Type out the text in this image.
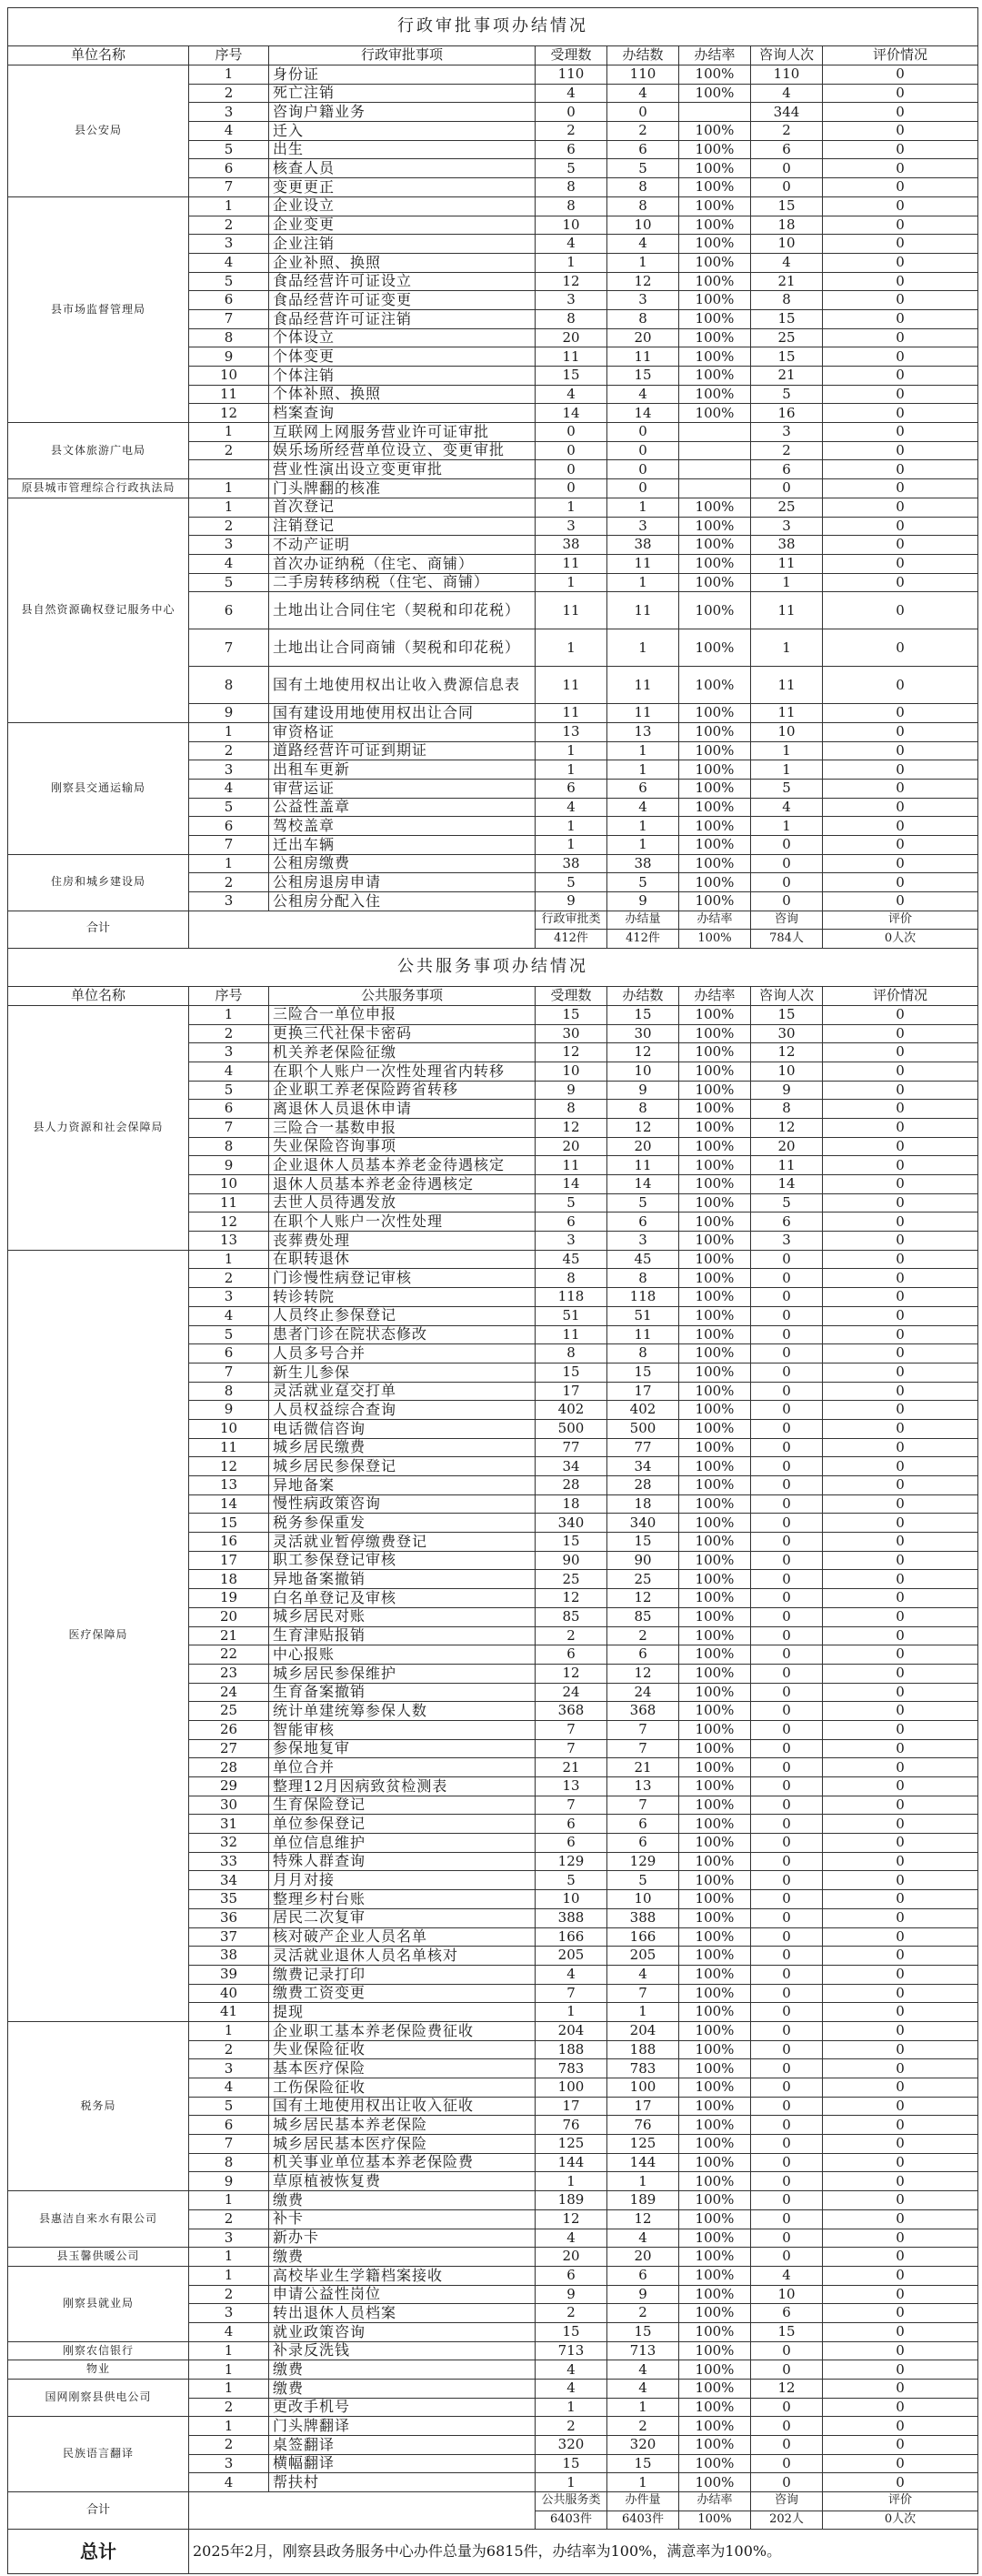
行政审批事项办结情况							
单位名称	序号	行政审批事项	受理数	办结数	办结率	咨询人次	评价情况
县公安局	1	身份证	110	110	100%	110	0
	2	死亡注销	4	4	100%	4	0
	3	咨询户籍业务	0	0		344	0
	4	迁入	2	2	100%	2	0
	5	出生	6	6	100%	6	0
	6	核查人员	5	5	100%	0	0
	7	变更更正	8	8	100%	0	0
县市场监督管理局	1	企业设立	8	8	100%	15	0
	2	企业变更	10	10	100%	18	0
	3	企业注销	4	4	100%	10	0
	4	企业补照、换照	1	1	100%	4	0
	5	食品经营许可证设立	12	12	100%	21	0
	6	食品经营许可证变更	3	3	100%	8	0
	7	食品经营许可证注销	8	8	100%	15	0
	8	个体设立	20	20	100%	25	0
	9	个体变更	11	11	100%	15	0
	10	个体注销	15	15	100%	21	0
	11	个体补照、换照	4	4	100%	5	0
	12	档案查询	14	14	100%	16	0
县文体旅游广电局	1	互联网上网服务营业许可证审批	0	0		3	0
	2	娱乐场所经营单位设立、变更审批	0	0		2	0
		营业性演出设立变更审批	0	0		6	0
原县城市管理综合行政执法局	1	门头牌翻的核准	0	0		0	0
县自然资源确权登记服务中心	1	首次登记	1	1	100%	25	0
	2	注销登记	3	3	100%	3	0
	3	不动产证明	38	38	100%	38	0
	4	首次办证纳税（住宅、商铺）	11	11	100%	11	0
	5	二手房转移纳税（住宅、商铺）	1	1	100%	1	0
	6	土地出让合同住宅（契税和印花税）	11	11	100%	11	0
	7	土地出让合同商铺（契税和印花税）	1	1	100%	1	0
	8	国有土地使用权出让收入费源信息表	11	11	100%	11	0
	9	国有建设用地使用权出让合同	11	11	100%	11	0
刚察县交通运输局	1	审资格证	13	13	100%	10	0
	2	道路经营许可证到期证	1	1	100%	1	0
	3	出租车更新	1	1	100%	1	0
	4	审营运证	6	6	100%	5	0
	5	公益性盖章	4	4	100%	4	0
	6	驾校盖章	1	1	100%	1	0
	7	迁出车辆	1	1	100%	0	0
住房和城乡建设局	1	公租房缴费	38	38	100%	0	0
	2	公租房退房申请	5	5	100%	0	0
	3	公租房分配入住	9	9	100%	0	0
合计			行政审批类	办结量	办结率	咨询	评价
			412件	412件	100%	784人	0人次
公共服务事项办结情况							
单位名称	序号	公共服务事项	受理数	办结数	办结率	咨询人次	评价情况
县人力资源和社会保障局	1	三险合一单位申报	15	15	100%	15	0
	2	更换三代社保卡密码	30	30	100%	30	0
	3	机关养老保险征缴	12	12	100%	12	0
	4	在职个人账户一次性处理省内转移	10	10	100%	10	0
	5	企业职工养老保险跨省转移	9	9	100%	9	0
	6	离退休人员退休申请	8	8	100%	8	0
	7	三险合一基数申报	12	12	100%	12	0
	8	失业保险咨询事项	20	20	100%	20	0
	9	企业退休人员基本养老金待遇核定	11	11	100%	11	0
	10	退休人员基本养老金待遇核定	14	14	100%	14	0
	11	去世人员待遇发放	5	5	100%	5	0
	12	在职个人账户一次性处理	6	6	100%	6	0
	13	丧葬费处理	3	3	100%	3	0
医疗保障局	1	在职转退休	45	45	100%	0	0
	2	门诊慢性病登记审核	8	8	100%	0	0
	3	转诊转院	118	118	100%	0	0
	4	人员终止参保登记	51	51	100%	0	0
	5	患者门诊在院状态修改	11	11	100%	0	0
	6	人员多号合并	8	8	100%	0	0
	7	新生儿参保	15	15	100%	0	0
	8	灵活就业趸交打单	17	17	100%	0	0
	9	人员权益综合查询	402	402	100%	0	0
	10	电话微信咨询	500	500	100%	0	0
	11	城乡居民缴费	77	77	100%	0	0
	12	城乡居民参保登记	34	34	100%	0	0
	13	异地备案	28	28	100%	0	0
	14	慢性病政策咨询	18	18	100%	0	0
	15	税务参保重发	340	340	100%	0	0
	16	灵活就业暂停缴费登记	15	15	100%	0	0
	17	职工参保登记审核	90	90	100%	0	0
	18	异地备案撤销	25	25	100%	0	0
	19	白名单登记及审核	12	12	100%	0	0
	20	城乡居民对账	85	85	100%	0	0
	21	生育津贴报销	2	2	100%	0	0
	22	中心报账	6	6	100%	0	0
	23	城乡居民参保维护	12	12	100%	0	0
	24	生育备案撤销	24	24	100%	0	0
	25	统计单建统筹参保人数	368	368	100%	0	0
	26	智能审核	7	7	100%	0	0
	27	参保地复审	7	7	100%	0	0
	28	单位合并	21	21	100%	0	0
	29	整理12月因病致贫检测表	13	13	100%	0	0
	30	生育保险登记	7	7	100%	0	0
	31	单位参保登记	6	6	100%	0	0
	32	单位信息维护	6	6	100%	0	0
	33	特殊人群查询	129	129	100%	0	0
	34	月月对接	5	5	100%	0	0
	35	整理乡村台账	10	10	100%	0	0
	36	居民二次复审	388	388	100%	0	0
	37	核对破产企业人员名单	166	166	100%	0	0
	38	灵活就业退休人员名单核对	205	205	100%	0	0
	39	缴费记录打印	4	4	100%	0	0
	40	缴费工资变更	7	7	100%	0	0
	41	提现	1	1	100%	0	0
税务局	1	企业职工基本养老保险费征收	204	204	100%	0	0
	2	失业保险征收	188	188	100%	0	0
	3	基本医疗保险	783	783	100%	0	0
	4	工伤保险征收	100	100	100%	0	0
	5	国有土地使用权出让收入征收	17	17	100%	0	0
	6	城乡居民基本养老保险	76	76	100%	0	0
	7	城乡居民基本医疗保险	125	125	100%	0	0
	8	机关事业单位基本养老保险费	144	144	100%	0	0
	9	草原植被恢复费	1	1	100%	0	0
县惠洁自来水有限公司	1	缴费	189	189	100%	0	0
	2	补卡	12	12	100%	0	0
	3	新办卡	4	4	100%	0	0
县玉馨供暖公司	1	缴费	20	20	100%	0	0
刚察县就业局	1	高校毕业生学籍档案接收	6	6	100%	4	0
	2	申请公益性岗位	9	9	100%	10	0
	3	转出退休人员档案	2	2	100%	6	0
	4	就业政策咨询	15	15	100%	15	0
刚察农信银行	1	补录反洗钱	713	713	100%	0	0
物业	1	缴费	4	4	100%	0	0
国网刚察县供电公司	1	缴费	4	4	100%	12	0
	2	更改手机号	1	1	100%	0	0
民族语言翻译	1	门头牌翻译	2	2	100%	0	0
	2	桌签翻译	320	320	100%	0	0
	3	横幅翻译	15	15	100%	0	0
	4	帮扶村	1	1	100%	0	0
合计			公共服务类	办件量	办结率	咨询	评价
			6403件	6403件	100%	202人	0人次
总计	2025年2月，刚察县政务服务中心办件总量为6815件，办结率为100%，满意率为100%。						
